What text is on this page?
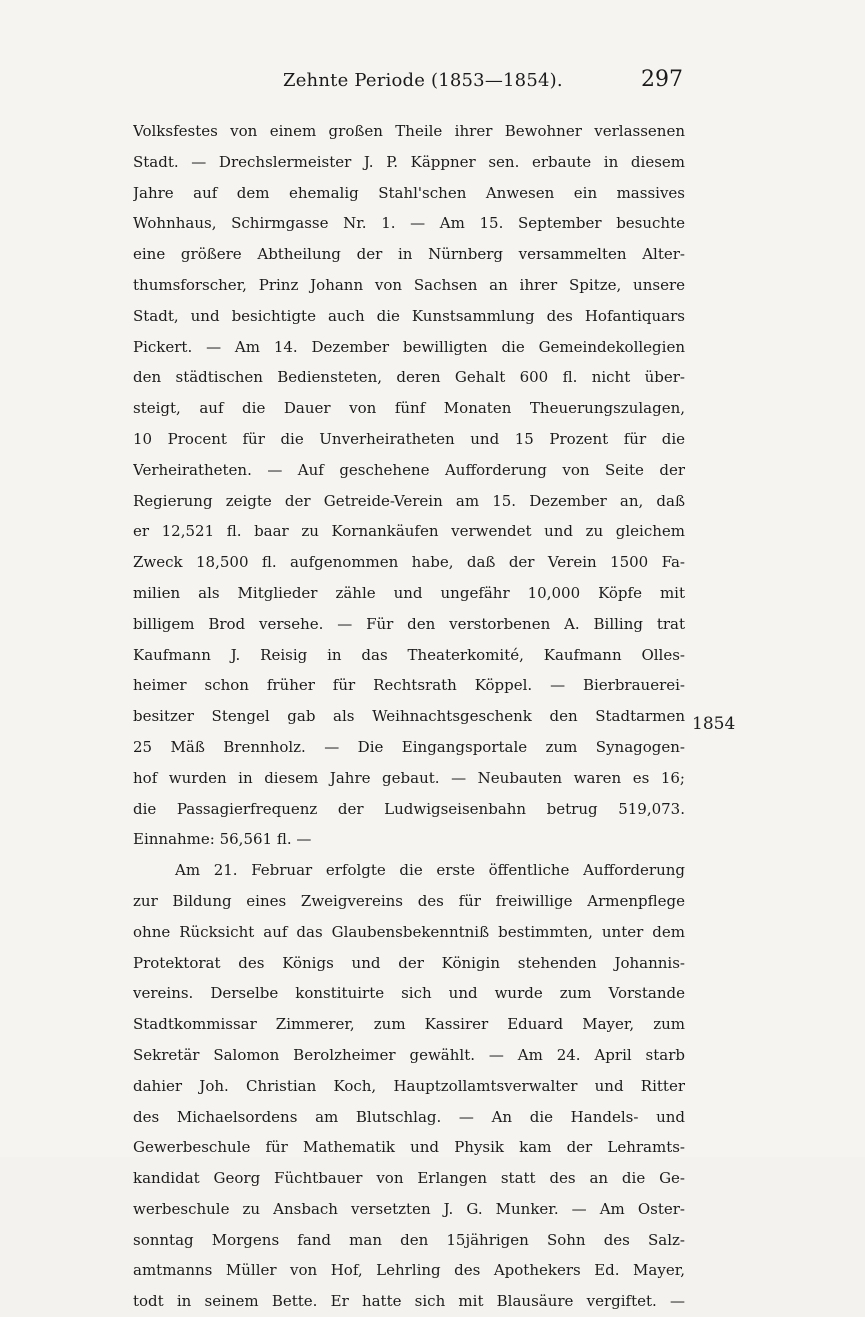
Zehnte Periode (1853—1854).	297
Volksfestes von einem großen Theile ihrer Bewohner verlassenen
Stadt. — Drechslermeister J. P. Käppner sen. erbaute in diesem
Jahre auf dem ehemalig Stahl'schen Anwesen ein massives
Wohnhaus, Schirmgasse Nr. 1. — Am 15. September besuchte
eine größere Abtheilung der in Nürnberg versammelten Alter-
thumsforscher, Prinz Johann von Sachsen an ihrer Spitze, unsere
Stadt, und besichtigte auch die Kunstsammlung des Hofantiquars
Pickert. — Am 14. Dezember bewilligten die Gemeindekollegien
den städtischen Bediensteten, deren Gehalt 600 fl. nicht über-
steigt, auf die Dauer von fünf Monaten Theuerungszulagen,
10 Procent für die Unverheiratheten und 15 Prozent für die
Verheiratheten. — Auf geschehene Aufforderung von Seite der
Regierung zeigte der Getreide-Verein am 15. Dezember an, daß
er 12,521 fl. baar zu Kornankäufen verwendet und zu gleichem
Zweck 18,500 fl. aufgenommen habe, daß der Verein 1500 Fa-
milien als Mitglieder zähle und ungefähr 10,000 Köpfe mit
billigem Brod versehe. — Für den verstorbenen A. Billing trat
Kaufmann J. Reisig in das Theaterkomité, Kaufmann Olles-
heimer schon früher für Rechtsrath Köppel. — Bierbrauerei-
besitzer Stengel gab als Weihnachtsgeschenk den Stadtarmen
25 Mäß Brennholz. — Die Eingangsportale zum Synagogen-
hof wurden in diesem Jahre gebaut. — Neubauten waren es 16;
die Passagierfrequenz der Ludwigseisenbahn betrug 519,073.
Einnahme: 56,561 fl. —
Am 21. Februar erfolgte die erste öffentliche Aufforderung
zur Bildung eines Zweigvereins des für freiwillige Armenpflege
ohne Rücksicht auf das Glaubensbekenntniß bestimmten, unter dem
Protektorat des Königs und der Königin stehenden Johannis-
vereins. Derselbe konstituirte sich und wurde zum Vorstande
Stadtkommissar Zimmerer, zum Kassirer Eduard Mayer, zum
Sekretär Salomon Berolzheimer gewählt. — Am 24. April starb
dahier Joh. Christian Koch, Hauptzollamtsverwalter und Ritter
des Michaelsordens am Blutschlag. — An die Handels- und
Gewerbeschule für Mathematik und Physik kam der Lehramts-
kandidat Georg Füchtbauer von Erlangen statt des an die Ge-
werbeschule zu Ansbach versetzten J. G. Munker. — Am Oster-
sonntag Morgens fand man den 15jährigen Sohn des Salz-
amtmanns Müller von Hof, Lehrling des Apothekers Ed. Mayer,
todt in seinem Bette. Er hatte sich mit Blausäure vergiftet. —
1854
